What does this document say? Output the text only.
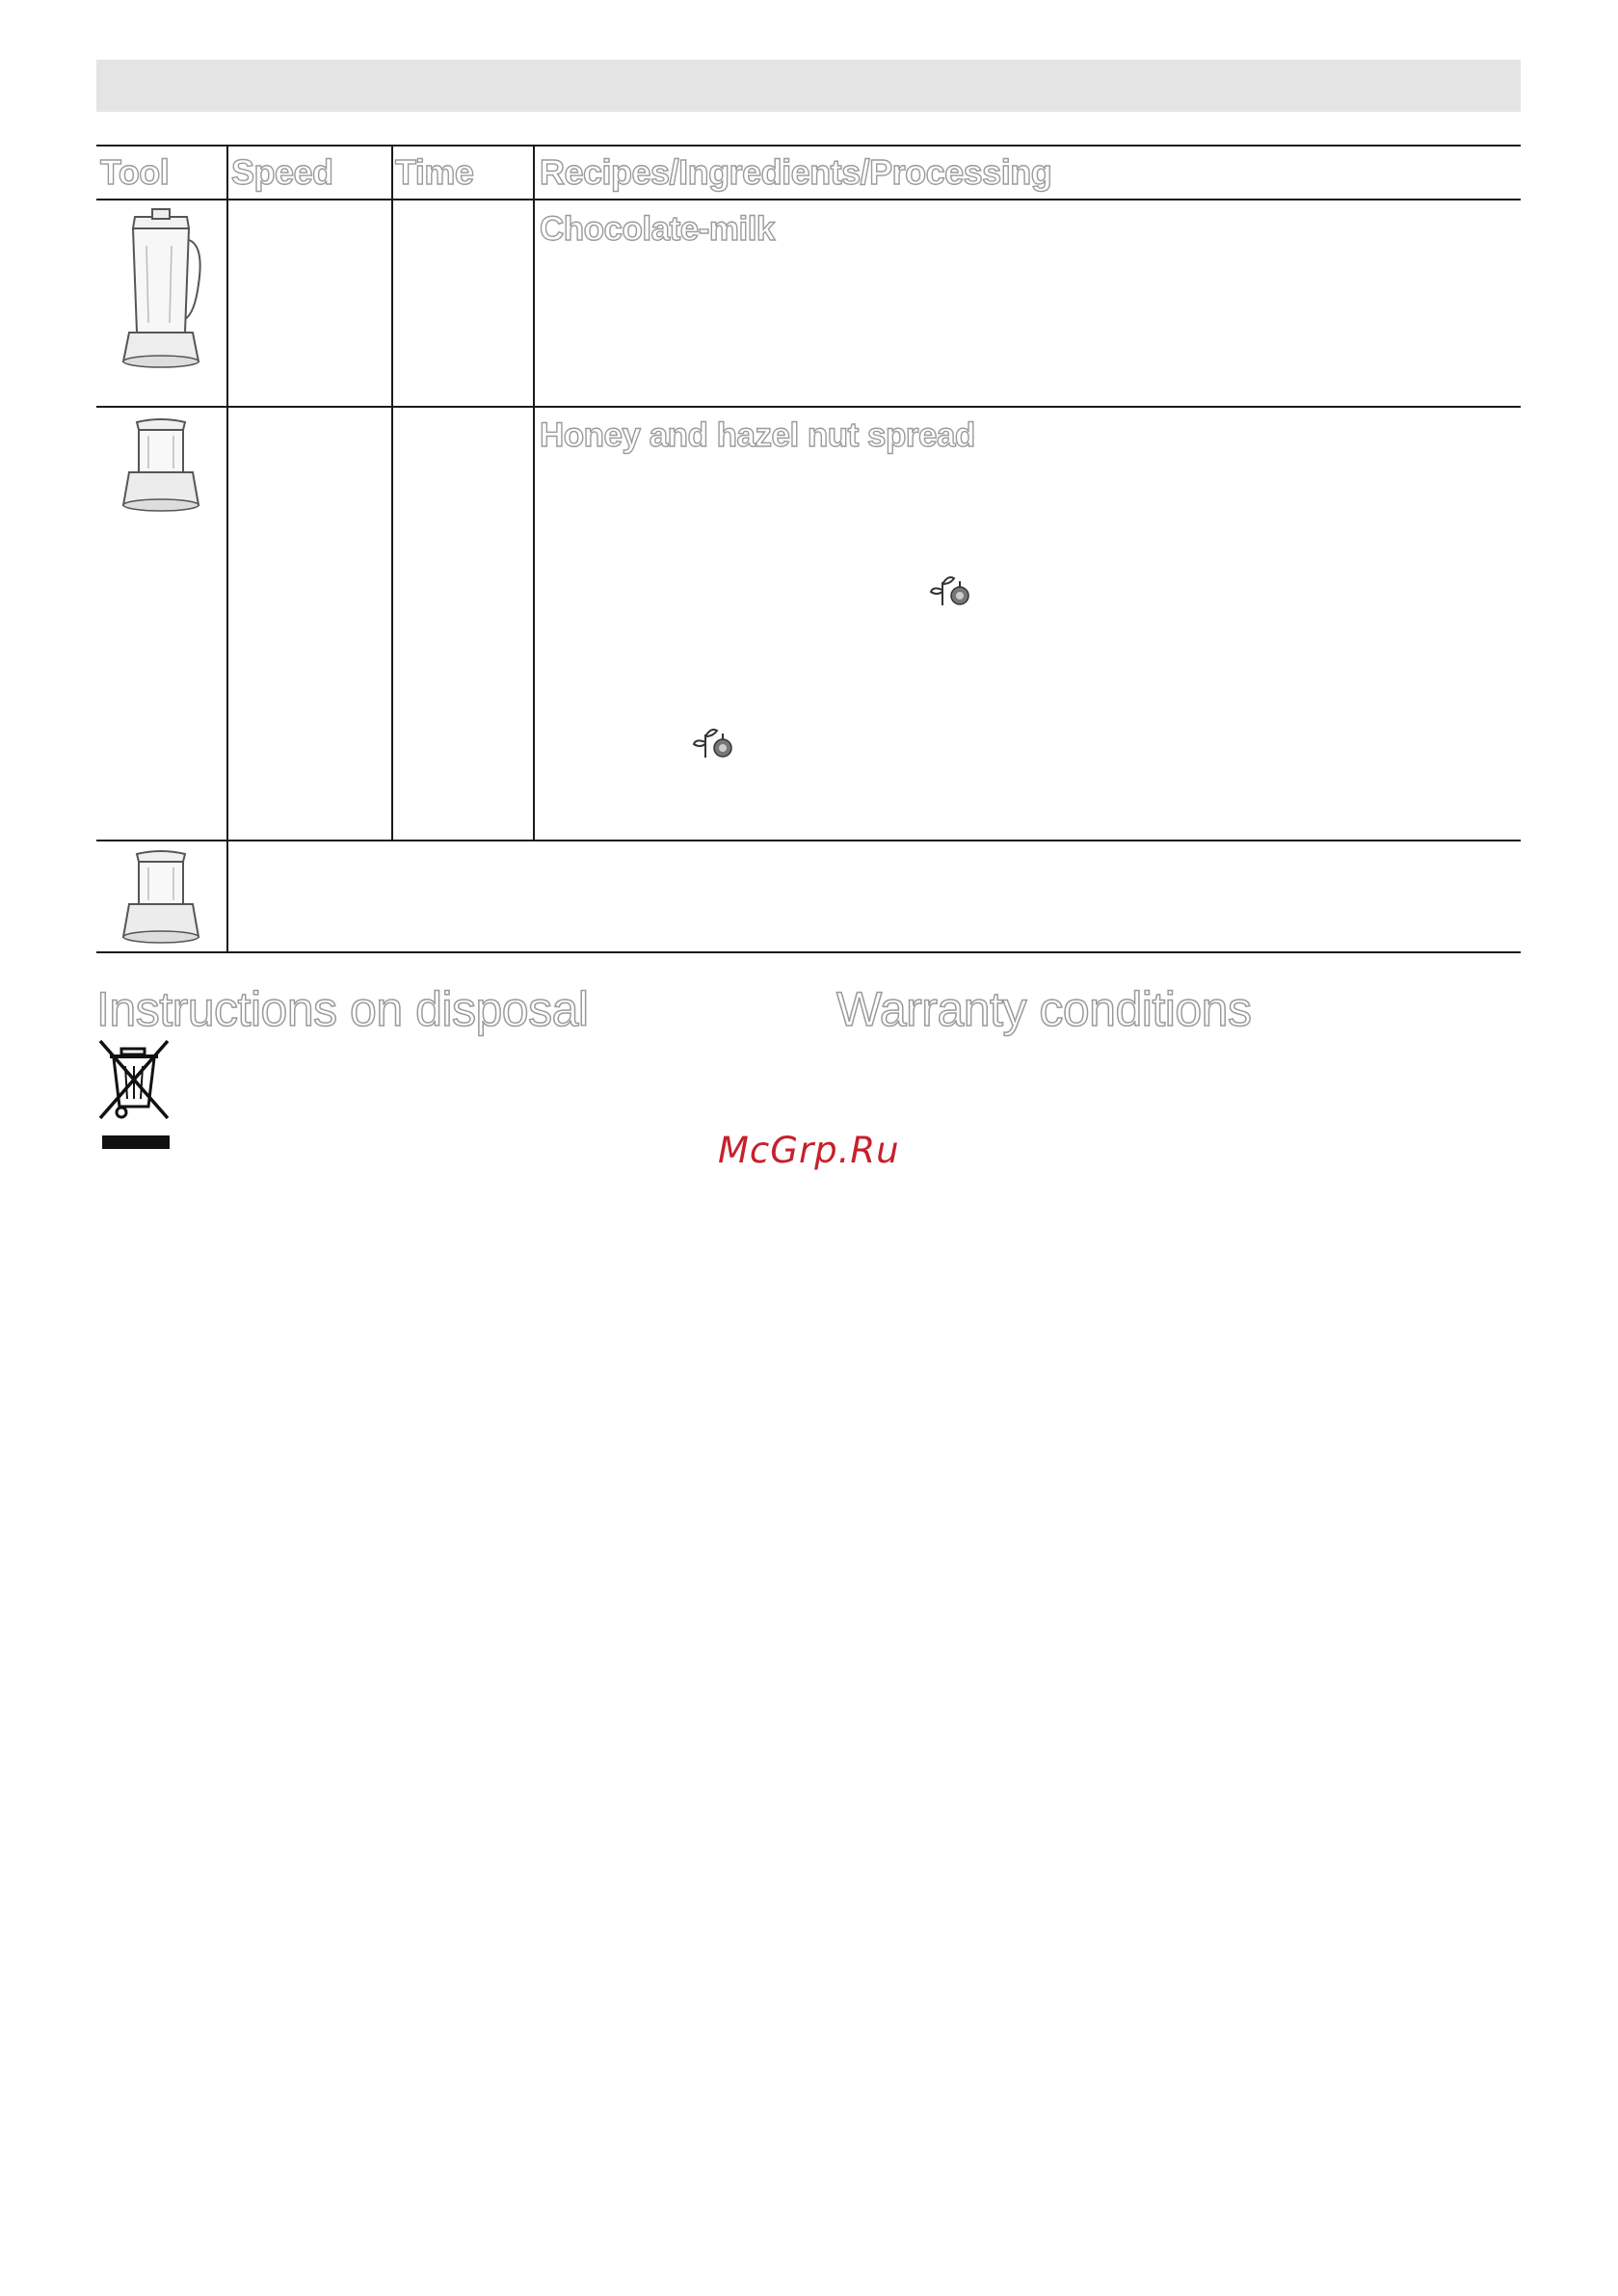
Tool Speed Time Recipes/Ingredients/Processing
Chocolate-milk
Honey and hazel nut spread
Instructions on disposal	Warranty conditions
McGrp.Ru
